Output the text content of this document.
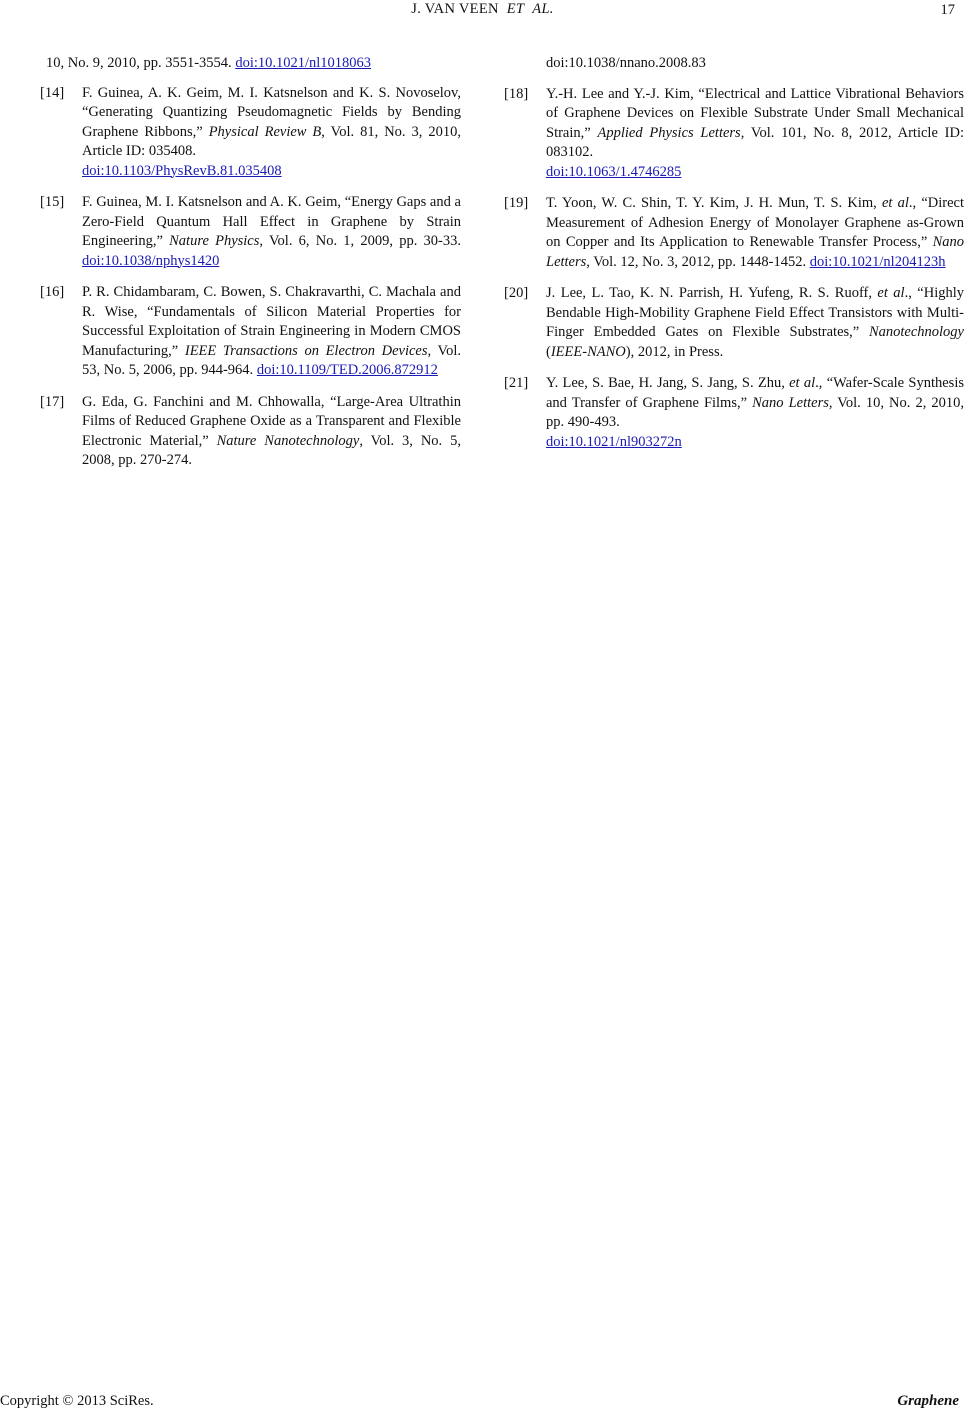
J. VAN VEEN ET AL.	17
10, No. 9, 2010, pp. 3551-3554. doi:10.1021/nl1018063
[14] F. Guinea, A. K. Geim, M. I. Katsnelson and K. S. Novoselov, “Generating Quantizing Pseudomagnetic Fields by Bending Graphene Ribbons,” Physical Review B, Vol. 81, No. 3, 2010, Article ID: 035408.
doi:10.1103/PhysRevB.81.035408
[15] F. Guinea, M. I. Katsnelson and A. K. Geim, “Energy Gaps and a Zero-Field Quantum Hall Effect in Graphene by Strain Engineering,” Nature Physics, Vol. 6, No. 1, 2009, pp. 30-33. doi:10.1038/nphys1420
[16] P. R. Chidambaram, C. Bowen, S. Chakravarthi, C. Machala and R. Wise, “Fundamentals of Silicon Material Properties for Successful Exploitation of Strain Engineering in Modern CMOS Manufacturing,” IEEE Transactions on Electron Devices, Vol. 53, No. 5, 2006, pp. 944-964. doi:10.1109/TED.2006.872912
[17] G. Eda, G. Fanchini and M. Chhowalla, “Large-Area Ultrathin Films of Reduced Graphene Oxide as a Transparent and Flexible Electronic Material,” Nature Nanotechnology, Vol. 3, No. 5, 2008, pp. 270-274.
doi:10.1038/nnano.2008.83
[18] Y.-H. Lee and Y.-J. Kim, “Electrical and Lattice Vibrational Behaviors of Graphene Devices on Flexible Substrate Under Small Mechanical Strain,” Applied Physics Letters, Vol. 101, No. 8, 2012, Article ID: 083102.
doi:10.1063/1.4746285
[19] T. Yoon, W. C. Shin, T. Y. Kim, J. H. Mun, T. S. Kim, et al., “Direct Measurement of Adhesion Energy of Monolayer Graphene as-Grown on Copper and Its Application to Renewable Transfer Process,” Nano Letters, Vol. 12, No. 3, 2012, pp. 1448-1452. doi:10.1021/nl204123h
[20] J. Lee, L. Tao, K. N. Parrish, H. Yufeng, R. S. Ruoff, et al., “Highly Bendable High-Mobility Graphene Field Effect Transistors with Multi-Finger Embedded Gates on Flexible Substrates,” Nanotechnology (IEEE-NANO), 2012, in Press.
[21] Y. Lee, S. Bae, H. Jang, S. Jang, S. Zhu, et al., “Wafer-Scale Synthesis and Transfer of Graphene Films,” Nano Letters, Vol. 10, No. 2, 2010, pp. 490-493.
doi:10.1021/nl903272n
Copyright © 2013 SciRes.	Graphene
